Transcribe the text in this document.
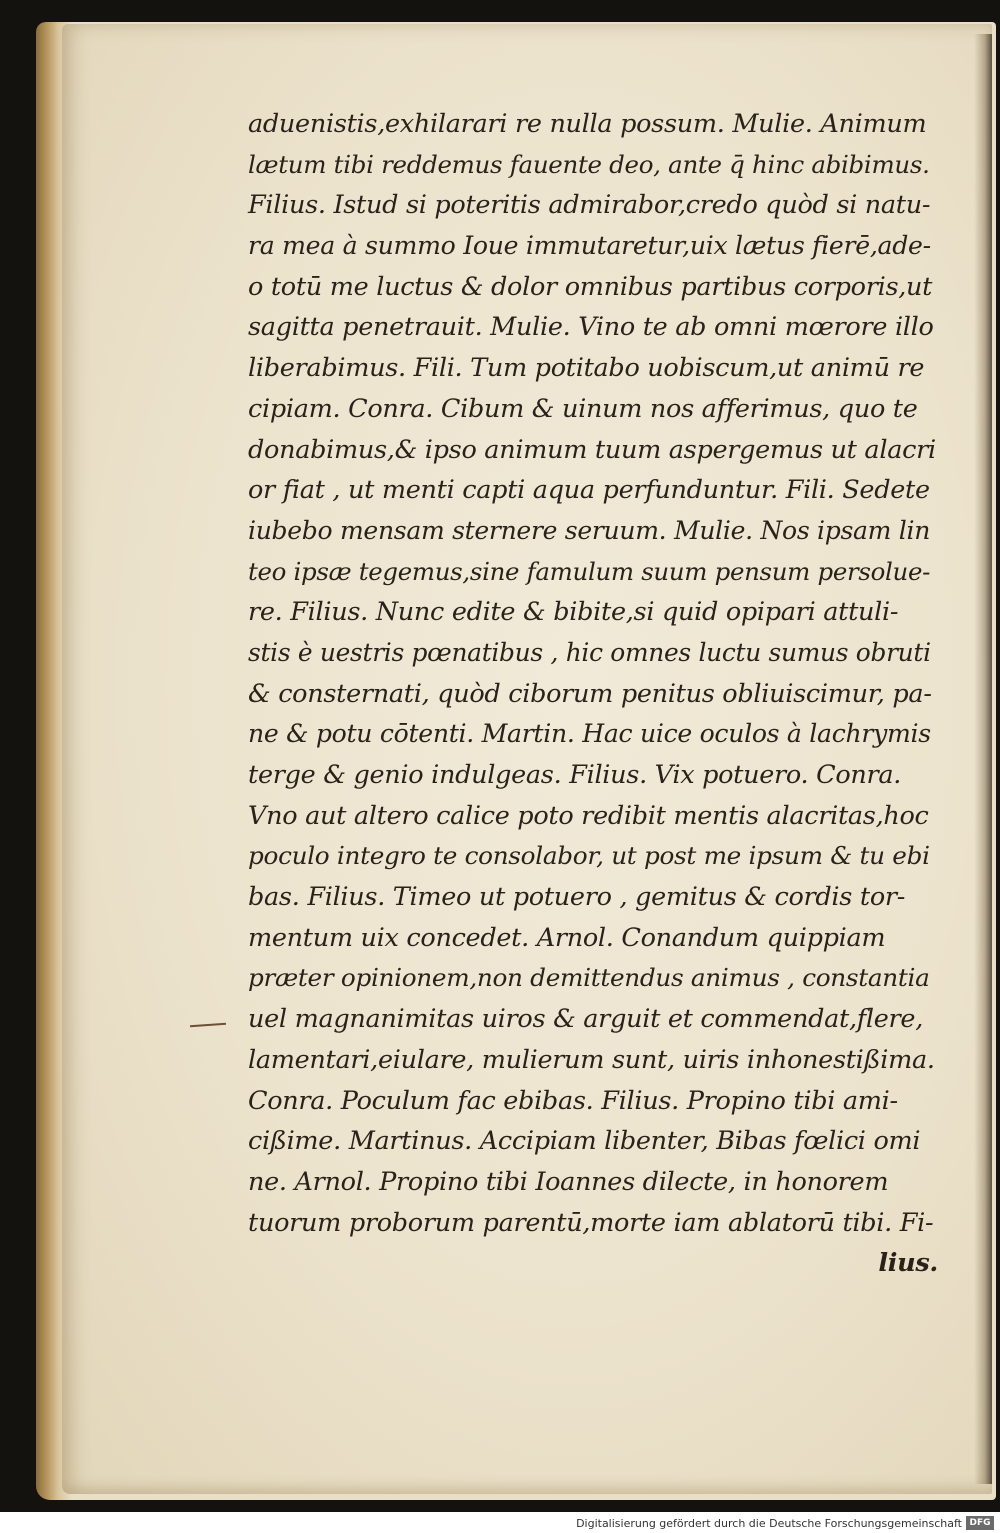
aduenistis,exhilarari re nulla possum. Mulie. Animum
lætum tibi reddemus fauente deo, ante q̄ hinc abibimus.
Filius. Istud si poteritis admirabor,credo quòd si natu-
ra mea à summo Ioue immutaretur,uix lætus fierē,ade-
o totū me luctus & dolor omnibus partibus corporis,ut
sagitta penetrauit. Mulie. Vino te ab omni mœrore illo
liberabimus. Fili. Tum potitabo uobiscum,ut animū re
cipiam. Conra. Cibum & uinum nos afferimus, quo te
donabimus,& ipso animum tuum aspergemus ut alacri
or fiat , ut menti capti aqua perfunduntur. Fili. Sedete
iubebo mensam sternere seruum. Mulie. Nos ipsam lin
teo ipsæ tegemus,sine famulum suum pensum persolue-
re. Filius. Nunc edite & bibite,si quid opipari attuli-
stis è uestris pœnatibus , hic omnes luctu sumus obruti
& consternati, quòd ciborum penitus obliuiscimur, pa-
ne & potu cōtenti. Martin. Hac uice oculos à lachrymis
terge & genio indulgeas. Filius. Vix potuero. Conra.
Vno aut altero calice poto redibit mentis alacritas,hoc
poculo integro te consolabor, ut post me ipsum & tu ebi
bas. Filius. Timeo ut potuero , gemitus & cordis tor-
mentum uix concedet. Arnol. Conandum quippiam
præter opinionem,non demittendus animus , constantia
uel magnanimitas uiros & arguit et commendat,flere,
lamentari,eiulare, mulierum sunt, uiris inhonestißima.
Conra. Poculum fac ebibas. Filius. Propino tibi ami-
cißime. Martinus. Accipiam libenter, Bibas fœlici omi
ne. Arnol. Propino tibi Ioannes dilecte, in honorem
tuorum proborum parentū,morte iam ablatorū tibi. Fi-
lius.
Digitalisierung gefördert durch die Deutsche Forschungsgemeinschaft DFG
